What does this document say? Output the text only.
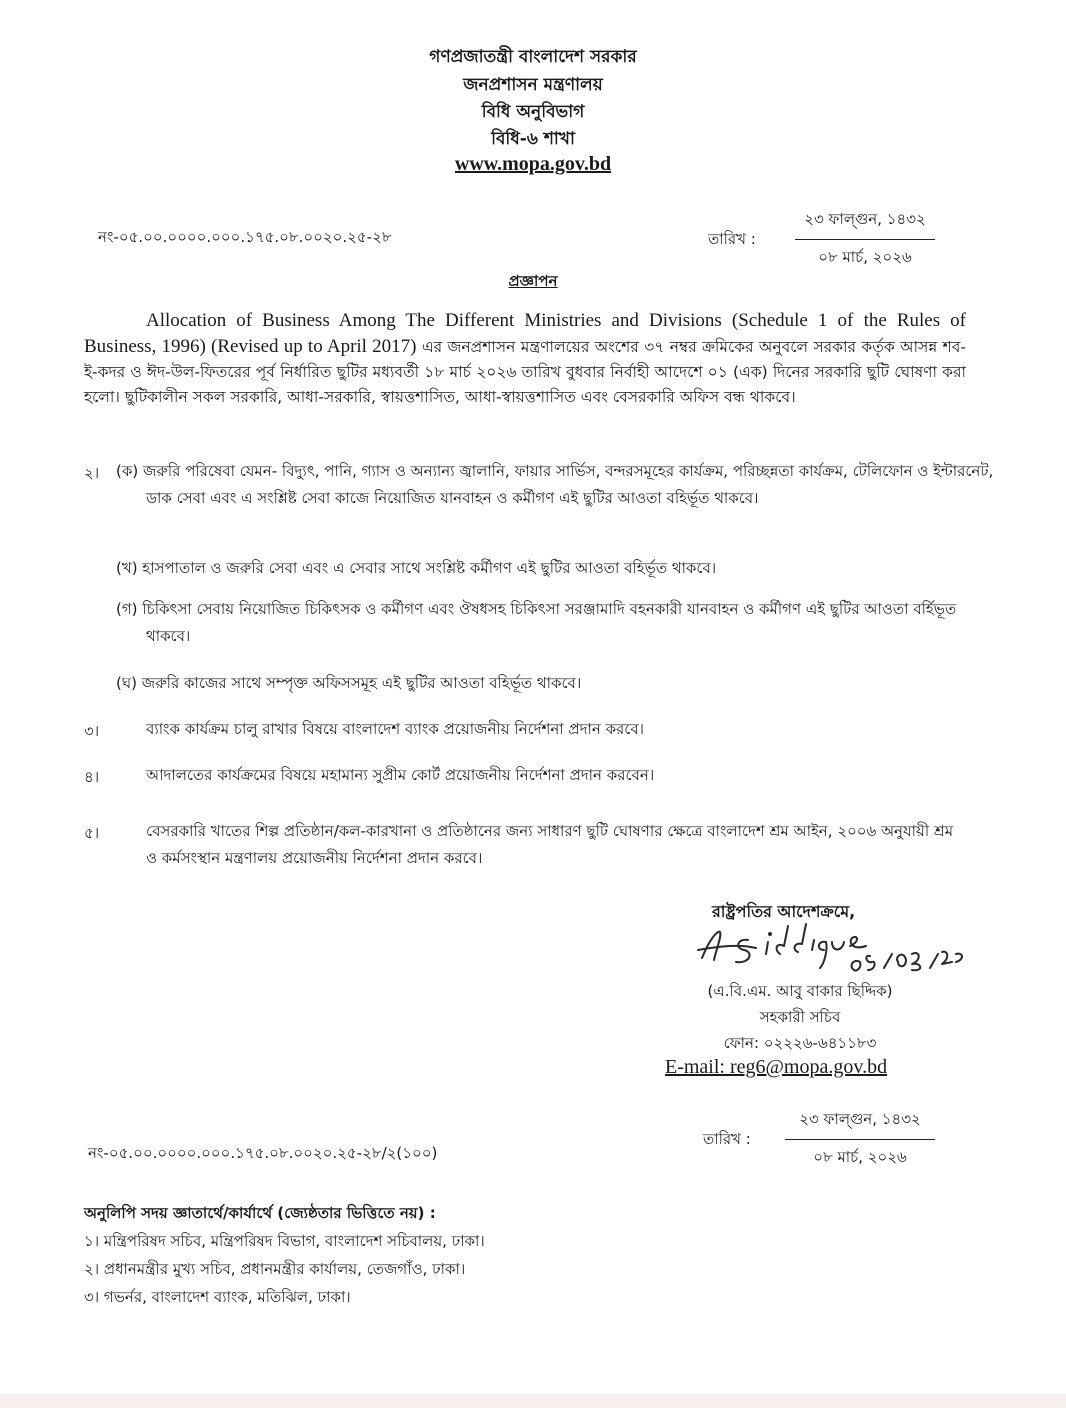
গণপ্রজাতন্ত্রী বাংলাদেশ সরকার
জনপ্রশাসন মন্ত্রণালয়
বিধি অনুবিভাগ
বিধি-৬ শাখা
www.mopa.gov.bd
নং-০৫.০০.০০০০.০০০.১৭৫.০৮.০০২০.২৫-২৮	তারিখ :
২৩ ফাল্গুন, ১৪৩২
০৮ মার্চ, ২০২৬
প্রজ্ঞাপন
Allocation of Business Among The Different Ministries and Divisions (Schedule 1 of the Rules of Business, 1996) (Revised up to April 2017) এর জনপ্রশাসন মন্ত্রণালয়ের অংশের ৩৭ নম্বর ক্রমিকের অনুবলে সরকার কর্তৃক আসন্ন শব-ই-কদর ও ঈদ-উল-ফিতরের পূর্ব নির্ধারিত ছুটির মধ্যবর্তী ১৮ মার্চ ২০২৬ তারিখ বুধবার নির্বাহী আদেশে ০১ (এক) দিনের সরকারি ছুটি ঘোষণা করা হলো। ছুটিকালীন সকল সরকারি, আধা-সরকারি, স্বায়ত্তশাসিত, আধা-স্বায়ত্তশাসিত এবং বেসরকারি অফিস বন্ধ থাকবে।
২। (ক) জরুরি পরিষেবা যেমন- বিদ্যুৎ, পানি, গ্যাস ও অন্যান্য জ্বালানি, ফায়ার সার্ভিস, বন্দরসমূহের কার্যক্রম, পরিচ্ছন্নতা কার্যক্রম, টেলিফোন ও ইন্টারনেট, ডাক সেবা এবং এ সংশ্লিষ্ট সেবা কাজে নিয়োজিত যানবাহন ও কর্মীগণ এই ছুটির আওতা বহির্ভূত থাকবে।
(খ) হাসপাতাল ও জরুরি সেবা এবং এ সেবার সাথে সংশ্লিষ্ট কর্মীগণ এই ছুটির আওতা বহির্ভূত থাকবে।
(গ) চিকিৎসা সেবায় নিয়োজিত চিকিৎসক ও কর্মীগণ এবং ঔষধসহ চিকিৎসা সরঞ্জামাদি বহনকারী যানবাহন ও কর্মীগণ এই ছুটির আওতা বর্হিভূত থাকবে।
(ঘ) জরুরি কাজের সাথে সম্পৃক্ত অফিসসমূহ এই ছুটির আওতা বহির্ভূত থাকবে।
৩।	ব্যাংক কার্যক্রম চালু রাখার বিষয়ে বাংলাদেশ ব্যাংক প্রয়োজনীয় নির্দেশনা প্রদান করবে।
৪।	আদালতের কার্যক্রমের বিষয়ে মহামান্য সুপ্রীম কোর্ট প্রয়োজনীয় নির্দেশনা প্রদান করবেন।
৫।	বেসরকারি খাতের শিল্প প্রতিষ্ঠান/কল-কারখানা ও প্রতিষ্ঠানের জন্য সাধারণ ছুটি ঘোষণার ক্ষেত্রে বাংলাদেশ শ্রম আইন, ২০০৬ অনুযায়ী শ্রম ও কর্মসংস্থান মন্ত্রণালয় প্রয়োজনীয় নির্দেশনা প্রদান করবে।
রাষ্ট্রপতির আদেশক্রমে,
(এ.বি.এম. আবু বাকার ছিদ্দিক)
সহকারী সচিব
ফোন: ০২২২৬-৬৪১১৮৩
E-mail: reg6@mopa.gov.bd
নং-০৫.০০.০০০০.০০০.১৭৫.০৮.০০২০.২৫-২৮/২(১০০)
তারিখ :
২৩ ফাল্গুন, ১৪৩২
০৮ মার্চ, ২০২৬
অনুলিপি সদয় জ্ঞাতার্থে/কার্যার্থে (জ্যেষ্ঠতার ভিত্তিতে নয়) :
১। মন্ত্রিপরিষদ সচিব, মন্ত্রিপরিষদ বিভাগ, বাংলাদেশ সচিবালয়, ঢাকা।
২। প্রধানমন্ত্রীর মুখ্য সচিব, প্রধানমন্ত্রীর কার্যালয়, তেজগাঁও, ঢাকা।
৩। গভর্নর, বাংলাদেশ ব্যাংক, মতিঝিল, ঢাকা।
